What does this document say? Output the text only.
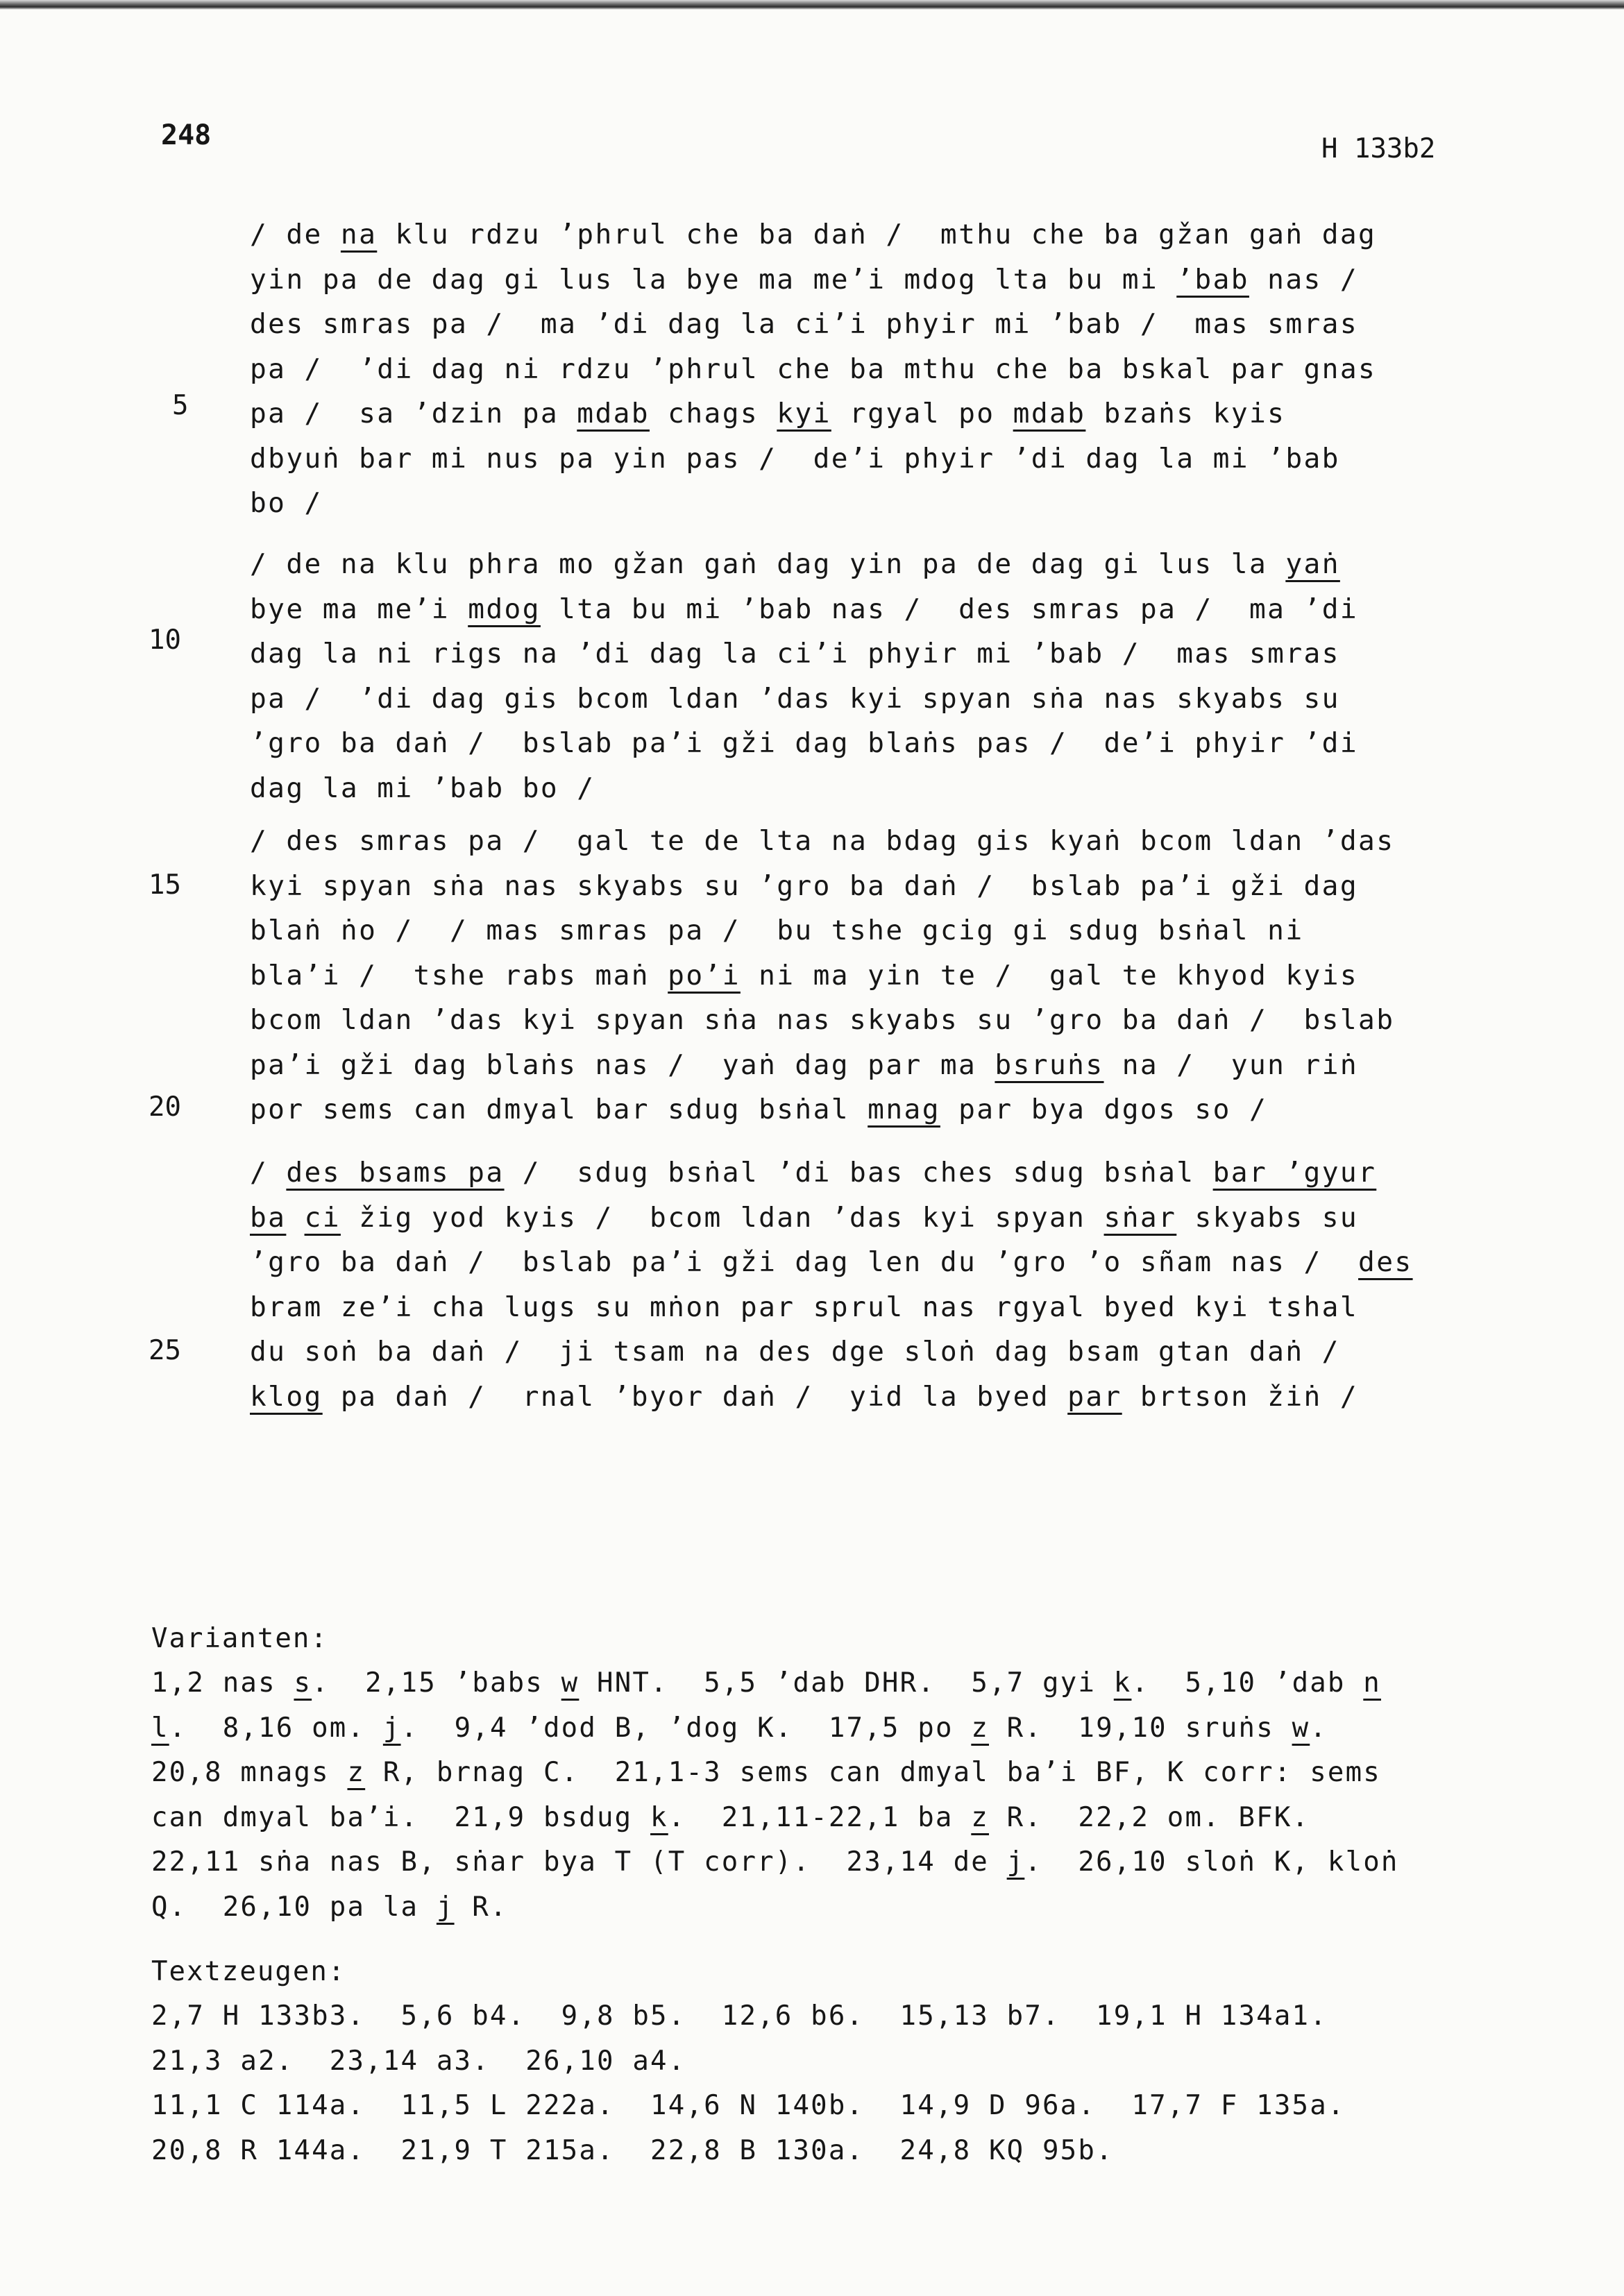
248	H 133b2
5
10
15
20
25
/ de na klu rdzu ’phrul che ba daṅ /  mthu che ba gžan gaṅ dag
yin pa de dag gi lus la bye ma me’i mdog lta bu mi ’bab nas /
des smras pa /  ma ’di dag la ci’i phyir mi ’bab /  mas smras
pa /  ’di dag ni rdzu ’phrul che ba mthu che ba bskal par gnas
pa /  sa ’dzin pa mdab chags kyi rgyal po mdab bzaṅs kyis
dbyuṅ bar mi nus pa yin pas /  de’i phyir ’di dag la mi ’bab
bo /
/ de na klu phra mo gžan gaṅ dag yin pa de dag gi lus la yaṅ
bye ma me’i mdog lta bu mi ’bab nas /  des smras pa /  ma ’di
dag la ni rigs na ’di dag la ci’i phyir mi ’bab /  mas smras
pa /  ’di dag gis bcom ldan ’das kyi spyan sṅa nas skyabs su
’gro ba daṅ /  bslab pa’i gži dag blaṅs pas /  de’i phyir ’di
dag la mi ’bab bo /
/ des smras pa /  gal te de lta na bdag gis kyaṅ bcom ldan ’das
kyi spyan sṅa nas skyabs su ’gro ba daṅ /  bslab pa’i gži dag
blaṅ ṅo /  / mas smras pa /  bu tshe gcig gi sdug bsṅal ni
bla’i /  tshe rabs maṅ po’i ni ma yin te /  gal te khyod kyis
bcom ldan ’das kyi spyan sṅa nas skyabs su ’gro ba daṅ /  bslab
pa’i gži dag blaṅs nas /  yaṅ dag par ma bsruṅs na /  yun riṅ
por sems can dmyal bar sdug bsṅal mnag par bya dgos so /
/ des bsams pa /  sdug bsṅal ’di bas ches sdug bsṅal bar ’gyur
ba ci žig yod kyis /  bcom ldan ’das kyi spyan sṅar skyabs su
’gro ba daṅ /  bslab pa’i gži dag len du ’gro ’o sñam nas /  des
bram ze’i cha lugs su mṅon par sprul nas rgyal byed kyi tshal
du soṅ ba daṅ /  ji tsam na des dge sloṅ dag bsam gtan daṅ /
klog pa daṅ /  rnal ’byor daṅ /  yid la byed par brtson žiṅ /
Varianten:
1,2 nas s.  2,15 ’babs w HNT.  5,5 ’dab DHR.  5,7 gyi k.  5,10 ’dab n
l.  8,16 om. j.  9,4 ’dod B, ’dog K.  17,5 po z R.  19,10 sruṅs w.
20,8 mnags z R, brnag C.  21,1-3 sems can dmyal ba’i BF, K corr: sems
can dmyal ba’i.  21,9 bsdug k.  21,11-22,1 ba z R.  22,2 om. BFK.
22,11 sṅa nas B, sṅar bya T (T corr).  23,14 de j.  26,10 sloṅ K, kloṅ
Q.  26,10 pa la j R.
Textzeugen:
2,7 H 133b3.  5,6 b4.  9,8 b5.  12,6 b6.  15,13 b7.  19,1 H 134a1.
21,3 a2.  23,14 a3.  26,10 a4.
11,1 C 114a.  11,5 L 222a.  14,6 N 140b.  14,9 D 96a.  17,7 F 135a.
20,8 R 144a.  21,9 T 215a.  22,8 B 130a.  24,8 KQ 95b.
